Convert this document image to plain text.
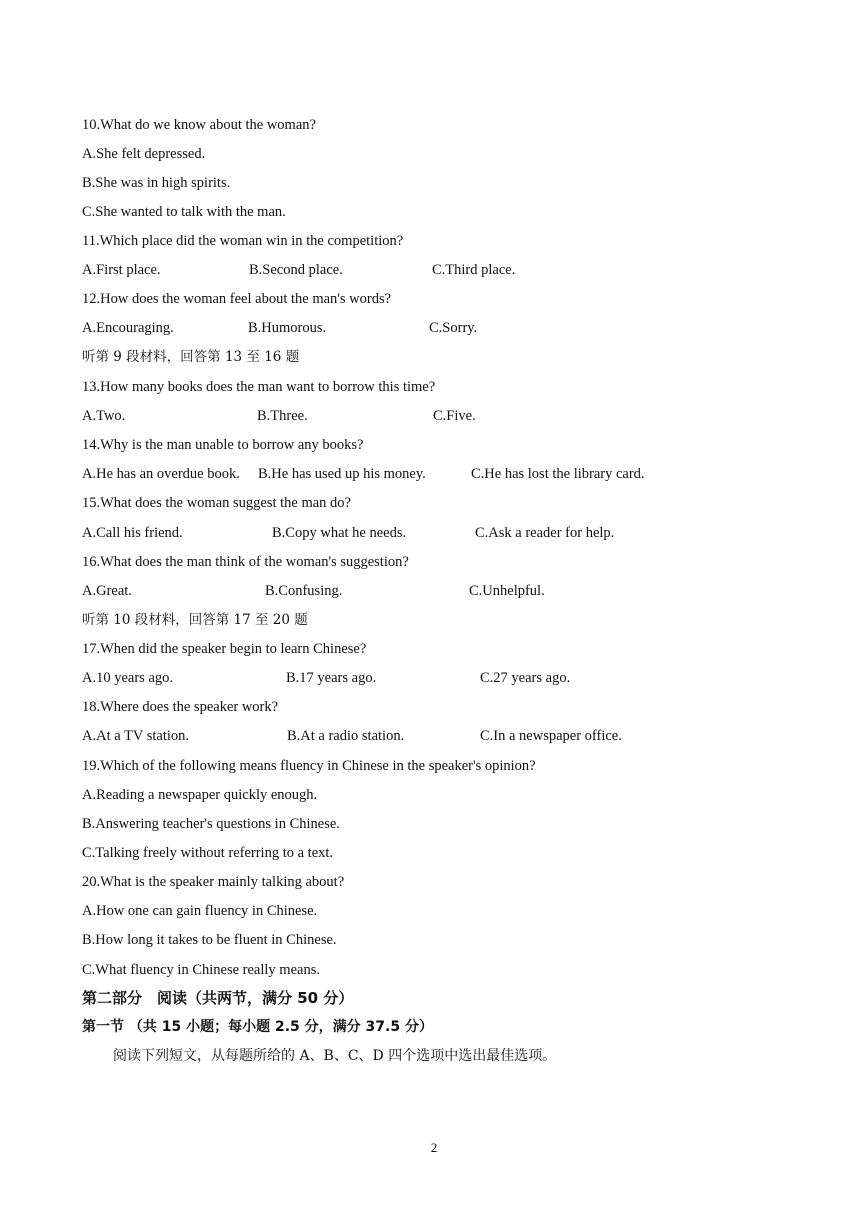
10.What do we know about the woman?
A.She felt depressed.
B.She was in high spirits.
C.She wanted to talk with the man.
11.Which place did the woman win in the competition?
A.First place.	B.Second place.	C.Third place.
12.How does the woman feel about the man's words?
A.Encouraging.	B.Humorous.	C.Sorry.
听第 9 段材料，回答第 13 至 16 题
13.How many books does the man want to borrow this time?
A.Two.	B.Three.	C.Five.
14.Why is the man unable to borrow any books?
A.He has an overdue book. B.He has used up his money.	C.He has lost the library card.
15.What does the woman suggest the man do?
A.Call his friend.	B.Copy what he needs.	C.Ask a reader for help.
16.What does the man think of the woman's suggestion?
A.Great.	B.Confusing.	C.Unhelpful.
听第 10 段材料，回答第 17 至 20 题
17.When did the speaker begin to learn Chinese?
A.10 years ago.	B.17 years ago.	C.27 years ago.
18.Where does the speaker work?
A.At a TV station.	B.At a radio station.	C.In a newspaper office.
19.Which of the following means fluency in Chinese in the speaker's opinion?
A.Reading a newspaper quickly enough.
B.Answering teacher's questions in Chinese.
C.Talking freely without referring to a text.
20.What is the speaker mainly talking about?
A.How one can gain fluency in Chinese.
B.How long it takes to be fluent in Chinese.
C.What fluency in Chinese really means.
第二部分　阅读（共两节，满分 50 分）
第一节 （共 15 小题；每小题 2.5 分，满分 37.5 分）
阅读下列短文，从每题所给的 A、B、C、D 四个选项中选出最佳选项。
2
